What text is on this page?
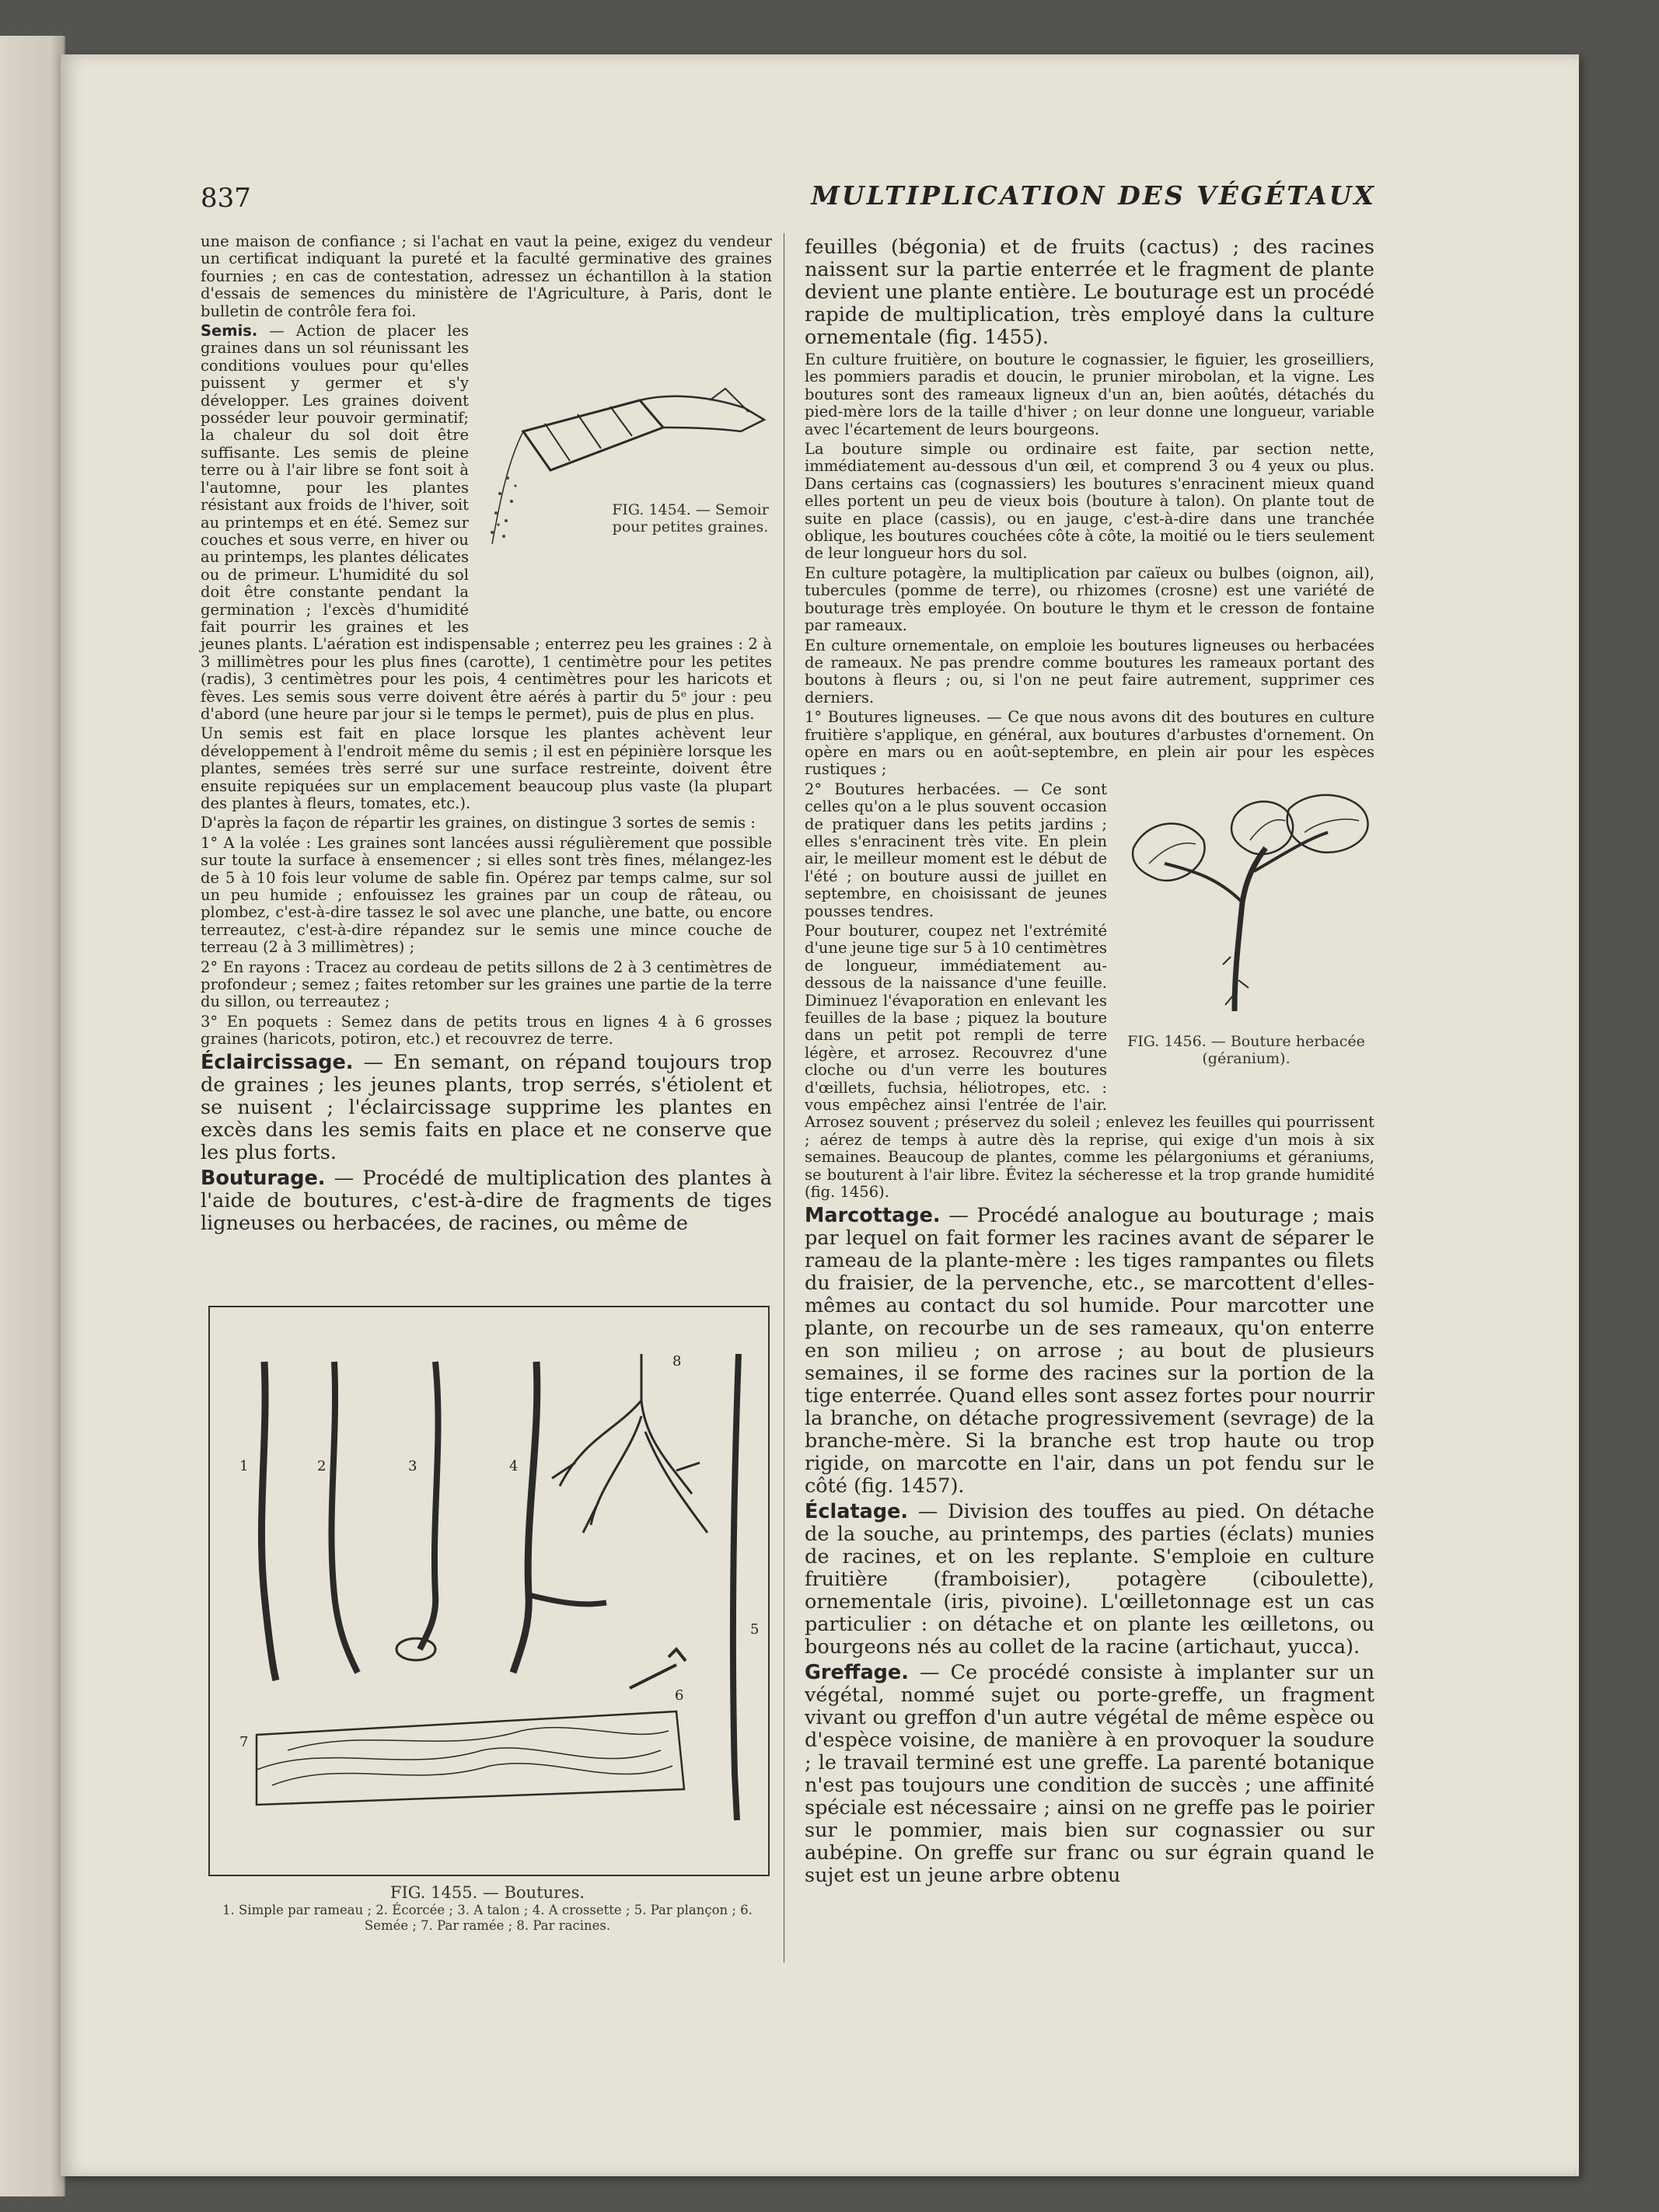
837	MULTIPLICATION DES VÉGÉTAUX

une maison de confiance ; si l'achat en vaut la peine, exigez du vendeur un certificat indiquant la pureté et la faculté germinative des graines fournies ; en cas de contestation, adressez un échantillon à la station d'essais de semences du ministère de l'Agriculture, à Paris, dont le bulletin de contrôle fera foi.

FIG. 1454. — Semoir pour petites graines.

Semis. — Action de placer les graines dans un sol réunissant les conditions voulues pour qu'elles puissent y germer et s'y développer. Les graines doivent posséder leur pouvoir germinatif; la chaleur du sol doit être suffisante. Les semis de pleine terre ou à l'air libre se font soit à l'automne, pour les plantes résistant aux froids de l'hiver, soit au printemps et en été. Semez sur couches et sous verre, en hiver ou au printemps, les plantes délicates ou de primeur. L'humidité du sol doit être constante pendant la germination ; l'excès d'humidité fait pourrir les graines et les jeunes plants. L'aération est indispensable ; enterrez peu les graines : 2 à 3 millimètres pour les plus fines (carotte), 1 centimètre pour les petites (radis), 3 centimètres pour les pois, 4 centimètres pour les haricots et fèves. Les semis sous verre doivent être aérés à partir du 5ᵉ jour : peu d'abord (une heure par jour si le temps le permet), puis de plus en plus.

Un semis est fait en place lorsque les plantes achèvent leur développement à l'endroit même du semis ; il est en pépinière lorsque les plantes, semées très serré sur une surface restreinte, doivent être ensuite repiquées sur un emplacement beaucoup plus vaste (la plupart des plantes à fleurs, tomates, etc.).

D'après la façon de répartir les graines, on distingue 3 sortes de semis :

1° A la volée : Les graines sont lancées aussi régulièrement que possible sur toute la surface à ensemencer ; si elles sont très fines, mélangez-les de 5 à 10 fois leur volume de sable fin. Opérez par temps calme, sur sol un peu humide ; enfouissez les graines par un coup de râteau, ou plombez, c'est-à-dire tassez le sol avec une planche, une batte, ou encore terreautez, c'est-à-dire répandez sur le semis une mince couche de terreau (2 à 3 millimètres) ;

2° En rayons : Tracez au cordeau de petits sillons de 2 à 3 centimètres de profondeur ; semez ; faites retomber sur les graines une partie de la terre du sillon, ou terreautez ;

3° En poquets : Semez dans de petits trous en lignes 4 à 6 grosses graines (haricots, potiron, etc.) et recouvrez de terre.

Éclaircissage. — En semant, on répand toujours trop de graines ; les jeunes plants, trop serrés, s'étiolent et se nuisent ; l'éclaircissage supprime les plantes en excès dans les semis faits en place et ne conserve que les plus forts.

Bouturage. — Procédé de multiplication des plantes à l'aide de boutures, c'est-à-dire de fragments de tiges ligneuses ou herbacées, de racines, ou même de

1	2	3	4
5
6
7
8
FIG. 1455. — Boutures.
1. Simple par rameau ; 2. Écorcée ; 3. A talon ; 4. A crossette ; 5. Par plançon ; 6. Semée ; 7. Par ramée ; 8. Par racines.

feuilles (bégonia) et de fruits (cactus) ; des racines naissent sur la partie enterrée et le fragment de plante devient une plante entière. Le bouturage est un procédé rapide de multiplication, très employé dans la culture ornementale (fig. 1455).

En culture fruitière, on bouture le cognassier, le figuier, les groseilliers, les pommiers paradis et doucin, le prunier mirobolan, et la vigne. Les boutures sont des rameaux ligneux d'un an, bien aoûtés, détachés du pied-mère lors de la taille d'hiver ; on leur donne une longueur, variable avec l'écartement de leurs bourgeons.

La bouture simple ou ordinaire est faite, par section nette, immédiatement au-dessous d'un œil, et comprend 3 ou 4 yeux ou plus. Dans certains cas (cognassiers) les boutures s'enracinent mieux quand elles portent un peu de vieux bois (bouture à talon). On plante tout de suite en place (cassis), ou en jauge, c'est-à-dire dans une tranchée oblique, les boutures couchées côte à côte, la moitié ou le tiers seulement de leur longueur hors du sol.

En culture potagère, la multiplication par caïeux ou bulbes (oignon, ail), tubercules (pomme de terre), ou rhizomes (crosne) est une variété de bouturage très employée. On bouture le thym et le cresson de fontaine par rameaux.

En culture ornementale, on emploie les boutures ligneuses ou herbacées de rameaux. Ne pas prendre comme boutures les rameaux portant des boutons à fleurs ; ou, si l'on ne peut faire autrement, supprimer ces derniers.

1° Boutures ligneuses. — Ce que nous avons dit des boutures en culture fruitière s'applique, en général, aux boutures d'arbustes d'ornement. On opère en mars ou en août-septembre, en plein air pour les espèces rustiques ;

FIG. 1456. — Bouture herbacée (géranium).

2° Boutures herbacées. — Ce sont celles qu'on a le plus souvent occasion de pratiquer dans les petits jardins ; elles s'enracinent très vite. En plein air, le meilleur moment est le début de l'été ; on bouture aussi de juillet en septembre, en choisissant de jeunes pousses tendres.

Pour bouturer, coupez net l'extrémité d'une jeune tige sur 5 à 10 centimètres de longueur, immédiatement au-dessous de la naissance d'une feuille. Diminuez l'évaporation en enlevant les feuilles de la base ; piquez la bouture dans un petit pot rempli de terre légère, et arrosez. Recouvrez d'une cloche ou d'un verre les boutures d'œillets, fuchsia, héliotropes, etc. : vous empêchez ainsi l'entrée de l'air. Arrosez souvent ; préservez du soleil ; enlevez les feuilles qui pourrissent ; aérez de temps à autre dès la reprise, qui exige d'un mois à six semaines. Beaucoup de plantes, comme les pélargoniums et géraniums, se bouturent à l'air libre. Évitez la sécheresse et la trop grande humidité (fig. 1456).

Marcottage. — Procédé analogue au bouturage ; mais par lequel on fait former les racines avant de séparer le rameau de la plante-mère : les tiges rampantes ou filets du fraisier, de la pervenche, etc., se marcottent d'elles-mêmes au contact du sol humide. Pour marcotter une plante, on recourbe un de ses rameaux, qu'on enterre en son milieu ; on arrose ; au bout de plusieurs semaines, il se forme des racines sur la portion de la tige enterrée. Quand elles sont assez fortes pour nourrir la branche, on détache progressivement (sevrage) de la branche-mère. Si la branche est trop haute ou trop rigide, on marcotte en l'air, dans un pot fendu sur le côté (fig. 1457).

Éclatage. — Division des touffes au pied. On détache de la souche, au printemps, des parties (éclats) munies de racines, et on les replante. S'emploie en culture fruitière (framboisier), potagère (ciboulette), ornementale (iris, pivoine). L'œilletonnage est un cas particulier : on détache et on plante les œilletons, ou bourgeons nés au collet de la racine (artichaut, yucca).

Greffage. — Ce procédé consiste à implanter sur un végétal, nommé sujet ou porte-greffe, un fragment vivant ou greffon d'un autre végétal de même espèce ou d'espèce voisine, de manière à en provoquer la soudure ; le travail terminé est une greffe. La parenté botanique n'est pas toujours une condition de succès ; une affinité spéciale est nécessaire ; ainsi on ne greffe pas le poirier sur le pommier, mais bien sur cognassier ou sur aubépine. On greffe sur franc ou sur égrain quand le sujet est un jeune arbre obtenu
